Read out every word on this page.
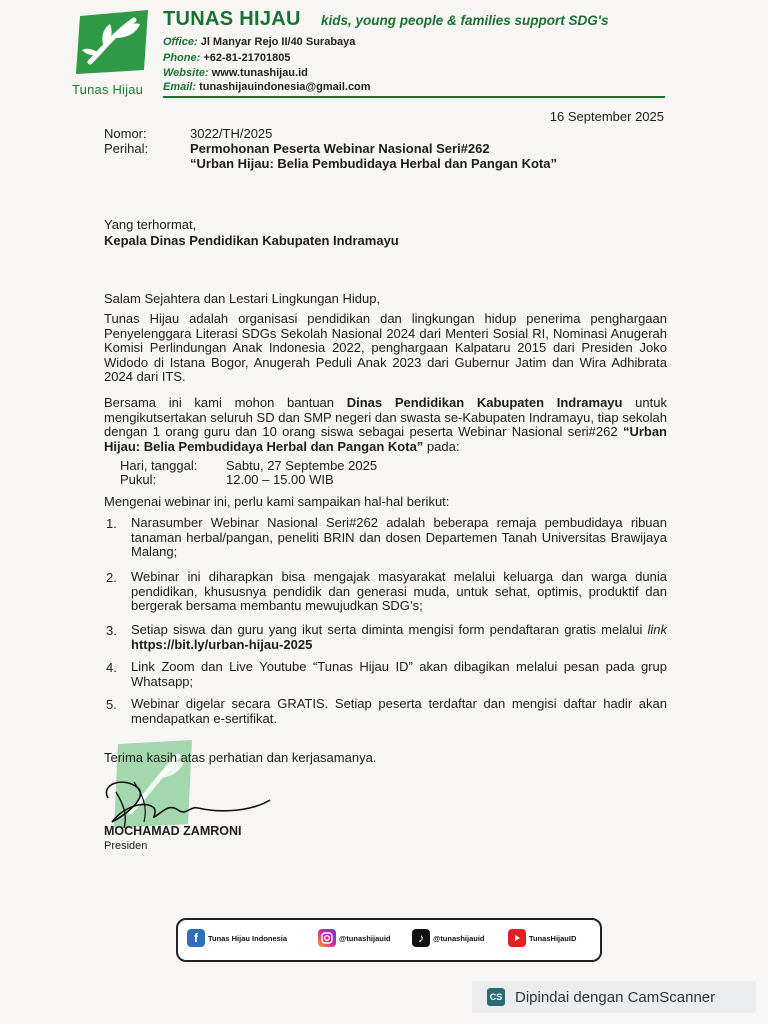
Tunas Hijau
TUNAS HIJAU kids, young people & families support SDG's
Office: Jl Manyar Rejo II/40 Surabaya
Phone: +62-81-21701805
Website: www.tunashijau.id
Email: tunashijauindonesia@gmail.com
16 September 2025
Nomor:	3022/TH/2025
Perihal:	Permohonan Peserta Webinar Nasional Seri#262
“Urban Hijau: Belia Pembudidaya Herbal dan Pangan Kota”
Yang terhormat,
Kepala Dinas Pendidikan Kabupaten Indramayu
Salam Sejahtera dan Lestari Lingkungan Hidup,

Tunas Hijau adalah organisasi pendidikan dan lingkungan hidup penerima penghargaan Penyelenggara Literasi SDGs Sekolah Nasional 2024 dari Menteri Sosial RI, Nominasi Anugerah Komisi Perlindungan Anak Indonesia 2022, penghargaan Kalpataru 2015 dari Presiden Joko Widodo di Istana Bogor, Anugerah Peduli Anak 2023 dari Gubernur Jatim dan Wira Adhibrata 2024 dari ITS.

Bersama ini kami mohon bantuan Dinas Pendidikan Kabupaten Indramayu untuk mengikutsertakan seluruh SD dan SMP negeri dan swasta se-Kabupaten Indramayu, tiap sekolah dengan 1 orang guru dan 10 orang siswa sebagai peserta Webinar Nasional seri#262 “Urban Hijau: Belia Pembudidaya Herbal dan Pangan Kota” pada:

Hari, tanggal: Sabtu, 27 Septembe 2025
Pukul:	12.00 – 15.00 WIB
Mengenai webinar ini, perlu kami sampaikan hal-hal berikut:
1. Narasumber Webinar Nasional Seri#262 adalah beberapa remaja pembudidaya ribuan tanaman herbal/pangan, peneliti BRIN dan dosen Departemen Tanah Universitas Brawijaya Malang;

2. Webinar ini diharapkan bisa mengajak masyarakat melalui keluarga dan warga dunia pendidikan, khususnya pendidik dan generasi muda, untuk sehat, optimis, produktif dan bergerak bersama membantu mewujudkan SDG’s;

3. Setiap siswa dan guru yang ikut serta diminta mengisi form pendaftaran gratis melalui link https://bit.ly/urban-hijau-2025

4. Link Zoom dan Live Youtube “Tunas Hijau ID” akan dibagikan melalui pesan pada grup Whatsapp;

5. Webinar digelar secara GRATIS. Setiap peserta terdaftar dan mengisi daftar hadir akan mendapatkan e-sertifikat.

Terima kasih atas perhatian dan kerjasamanya.
MOCHAMAD ZAMRONI
Presiden
f	Tunas Hijau Indonesia	@tunashijauid	♪	@tunashijauid	TunasHijauID
CS Dipindai dengan CamScanner
